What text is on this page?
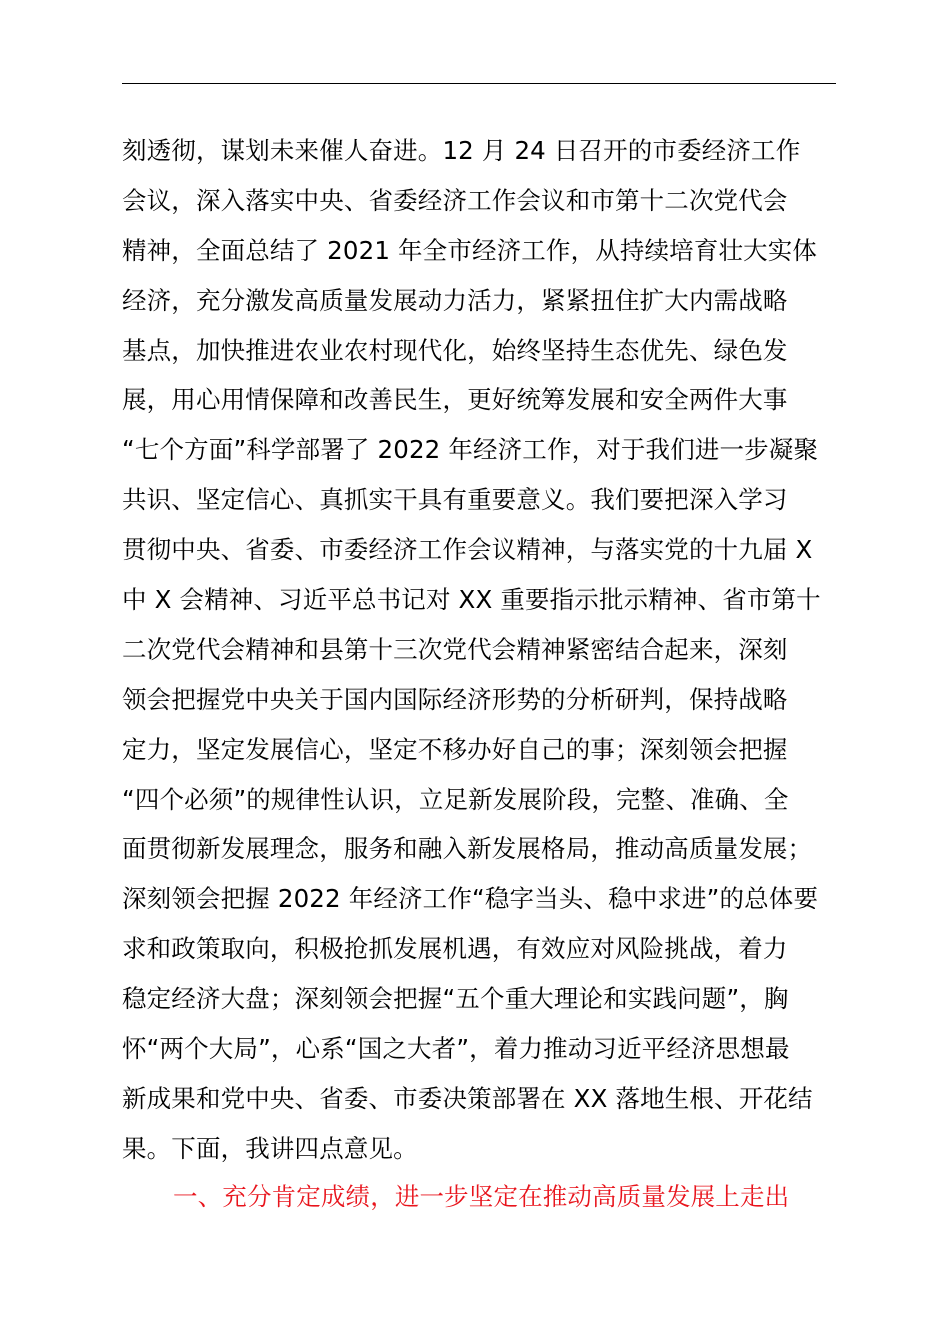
刻透彻，谋划未来催人奋进。12 月 24 日召开的市委经济工作
会议，深入落实中央、省委经济工作会议和市第十二次党代会
精神，全面总结了 2021 年全市经济工作，从持续培育壮大实体
经济，充分激发高质量发展动力活力，紧紧扭住扩大内需战略
基点，加快推进农业农村现代化，始终坚持生态优先、绿色发
展，用心用情保障和改善民生，更好统筹发展和安全两件大事
“七个方面”科学部署了 2022 年经济工作，对于我们进一步凝聚
共识、坚定信心、真抓实干具有重要意义。我们要把深入学习
贯彻中央、省委、市委经济工作会议精神，与落实党的十九届 X
中 X 会精神、习近平总书记对 XX 重要指示批示精神、省市第十
二次党代会精神和县第十三次党代会精神紧密结合起来，深刻
领会把握党中央关于国内国际经济形势的分析研判，保持战略
定力，坚定发展信心，坚定不移办好自己的事；深刻领会把握
“四个必须”的规律性认识，立足新发展阶段，完整、准确、全
面贯彻新发展理念，服务和融入新发展格局，推动高质量发展；
深刻领会把握 2022 年经济工作“稳字当头、稳中求进”的总体要
求和政策取向，积极抢抓发展机遇，有效应对风险挑战，着力
稳定经济大盘；深刻领会把握“五个重大理论和实践问题”，胸
怀“两个大局”，心系“国之大者”，着力推动习近平经济思想最
新成果和党中央、省委、市委决策部署在 XX 落地生根、开花结
果。下面，我讲四点意见。
一、充分肯定成绩，进一步坚定在推动高质量发展上走出
